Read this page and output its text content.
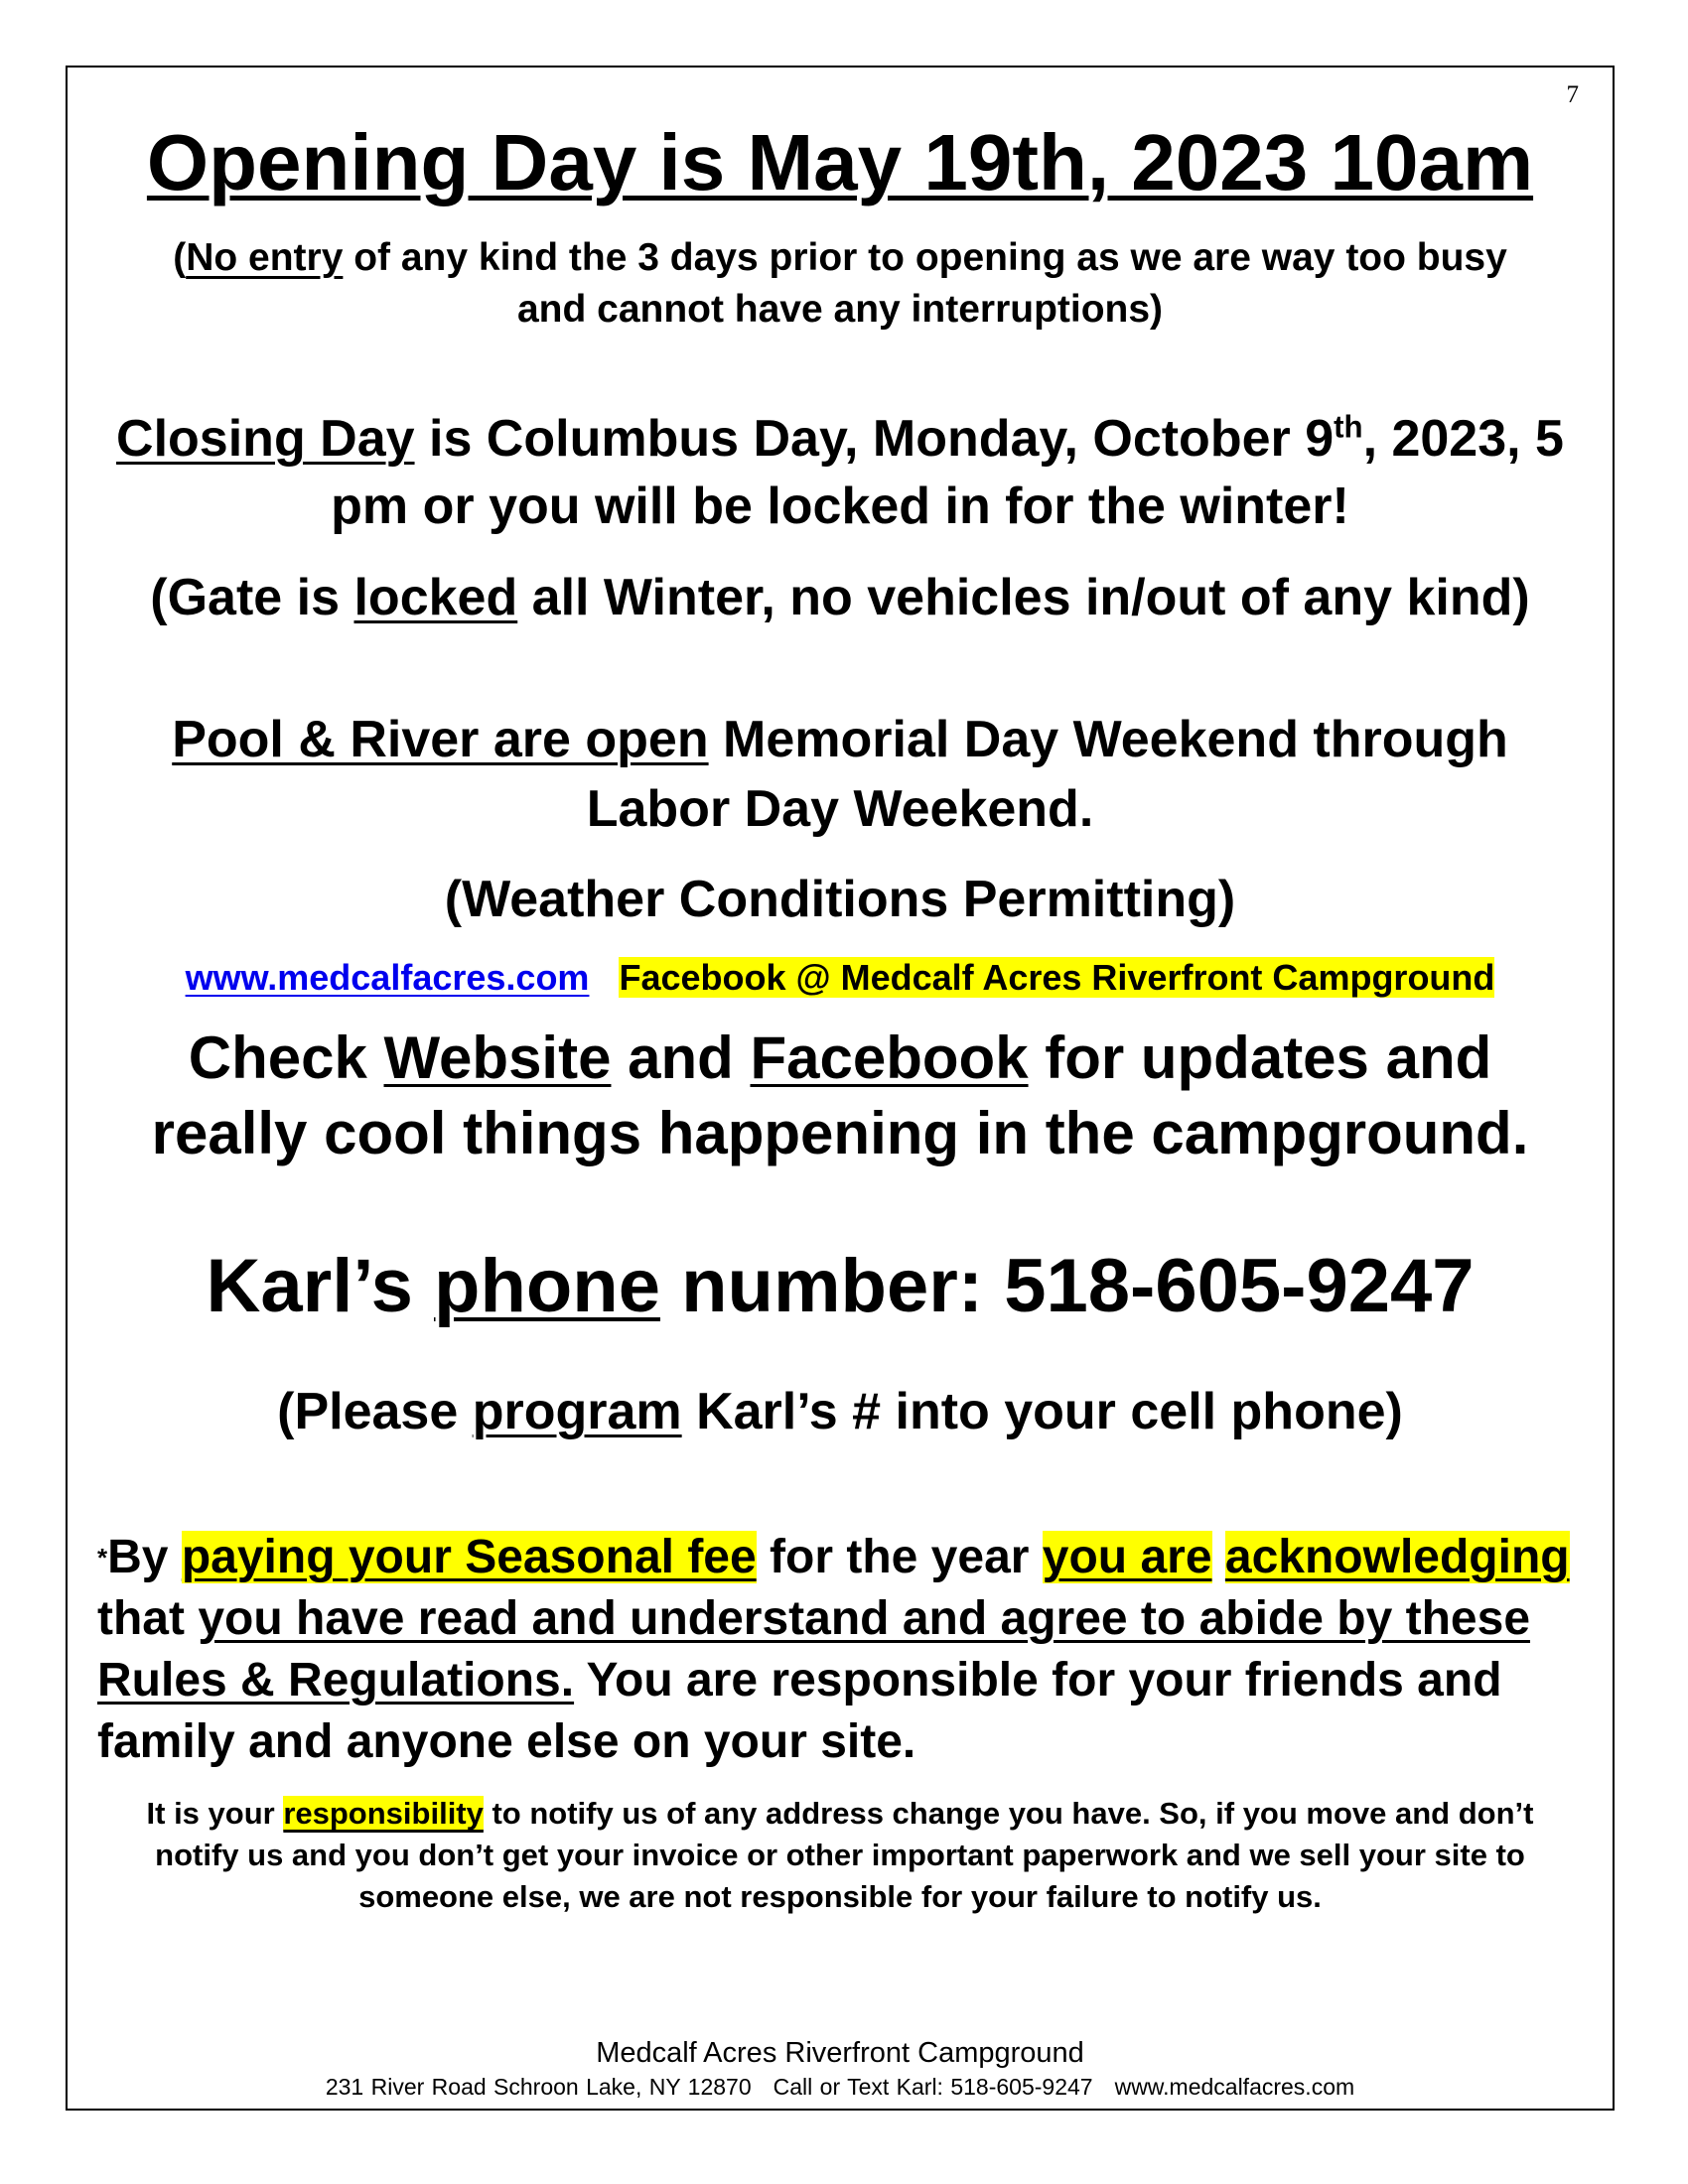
7
Opening Day is May 19th, 2023 10am
(No entry of any kind the 3 days prior to opening as we are way too busy and cannot have any interruptions)
Closing Day is Columbus Day, Monday, October 9th, 2023, 5 pm or you will be locked in for the winter!
(Gate is locked all Winter, no vehicles in/out of any kind)
Pool & River are open Memorial Day Weekend through Labor Day Weekend.
(Weather Conditions Permitting)
www.medcalfacres.com Facebook @ Medcalf Acres Riverfront Campground
Check Website and Facebook for updates and really cool things happening in the campground.
Karl’s phone number: 518-605-9247
(Please program Karl’s # into your cell phone)
*By paying your Seasonal fee for the year you are acknowledging that you have read and understand and agree to abide by these Rules & Regulations. You are responsible for your friends and family and anyone else on your site.
It is your responsibility to notify us of any address change you have. So, if you move and don’t notify us and you don’t get your invoice or other important paperwork and we sell your site to someone else, we are not responsible for your failure to notify us.
Medcalf Acres Riverfront Campground
231 River Road Schroon Lake, NY 12870 Call or Text Karl: 518-605-9247 www.medcalfacres.com
